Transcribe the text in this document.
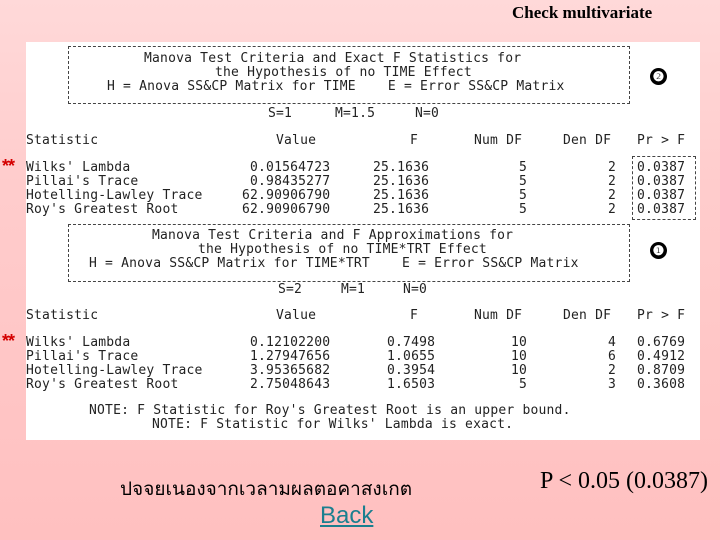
Check multivariate
Manova Test Criteria and Exact F Statistics for
the Hypothesis of no TIME Effect
H = Anova SS&CP Matrix for TIME    E = Error SS&CP Matrix
❷
S=1	M=1.5	N=0
Statistic	Value	F	Num DF	Den DF Pr > F
** Wilks' Lambda	0.01564723	25.1636	5	2 0.0387
Pillai's Trace	0.98435277	25.1636	5	2 0.0387
Hotelling-Lawley Trace	62.90906790	25.1636	5	2 0.0387
Roy's Greatest Root	62.90906790	25.1636	5	2 0.0387
Manova Test Criteria and F Approximations for
the Hypothesis of no TIME*TRT Effect
H = Anova SS&CP Matrix for TIME*TRT    E = Error SS&CP Matrix
❶
S=2	M=1	N=0
Statistic	Value	F	Num DF	Den DF Pr > F
** Wilks' Lambda	0.12102200	0.7498	10	4 0.6769
Pillai's Trace	1.27947656	1.0655	10	6 0.4912
Hotelling-Lawley Trace	3.95365682	0.3954	10	2 0.8709
Roy's Greatest Root	2.75048643	1.6503	5	3 0.3608
NOTE: F Statistic for Roy's Greatest Root is an upper bound.
NOTE: F Statistic for Wilks' Lambda is exact.
ปจจยเนองจากเวลามผลตอคาสงเกต	P < 0.05 (0.0387)
Back
